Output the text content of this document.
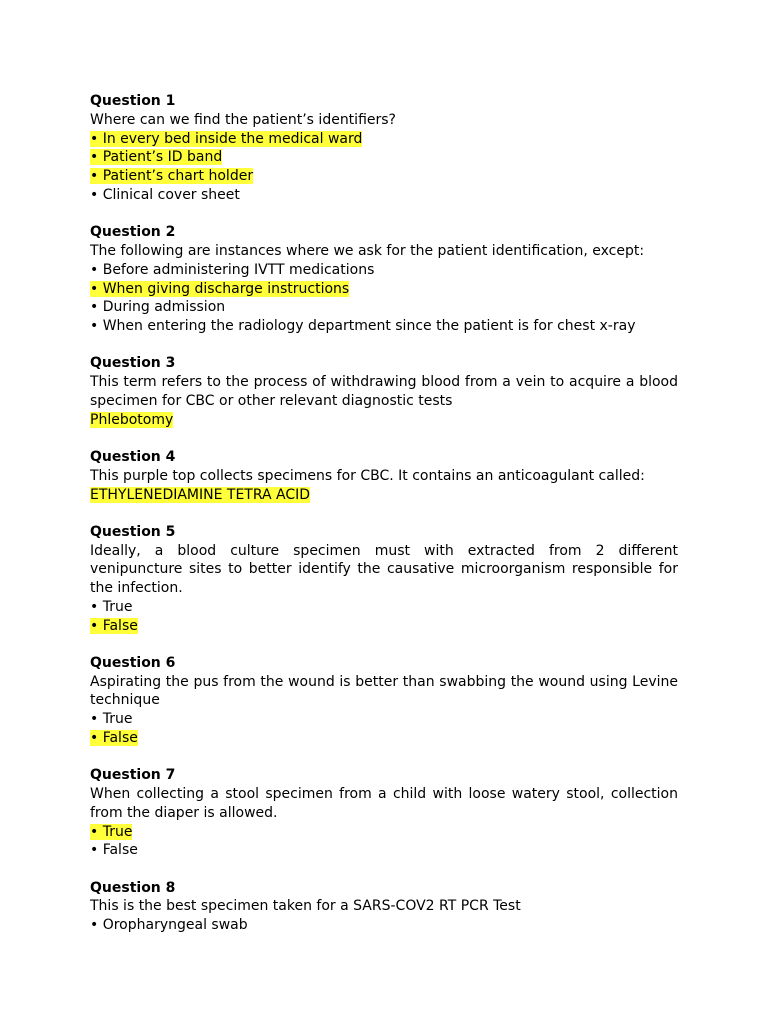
Question 1
Where can we find the patient’s identifiers?
• In every bed inside the medical ward
• Patient’s ID band
• Patient’s chart holder
• Clinical cover sheet
Question 2
The following are instances where we ask for the patient identification, except:
• Before administering IVTT medications
• When giving discharge instructions
• During admission
• When entering the radiology department since the patient is for chest x-ray
Question 3
This term refers to the process of withdrawing blood from a vein to acquire a blood specimen for CBC or other relevant diagnostic tests
Phlebotomy
Question 4
This purple top collects specimens for CBC. It contains an anticoagulant called:
ETHYLENEDIAMINE TETRA ACID
Question 5
Ideally, a blood culture specimen must with extracted from 2 different venipuncture sites to better identify the causative microorganism responsible for the infection.
• True
• False
Question 6
Aspirating the pus from the wound is better than swabbing the wound using Levine technique
• True
• False
Question 7
When collecting a stool specimen from a child with loose watery stool, collection from the diaper is allowed.
• True
• False
Question 8
This is the best specimen taken for a SARS-COV2 RT PCR Test
• Oropharyngeal swab
